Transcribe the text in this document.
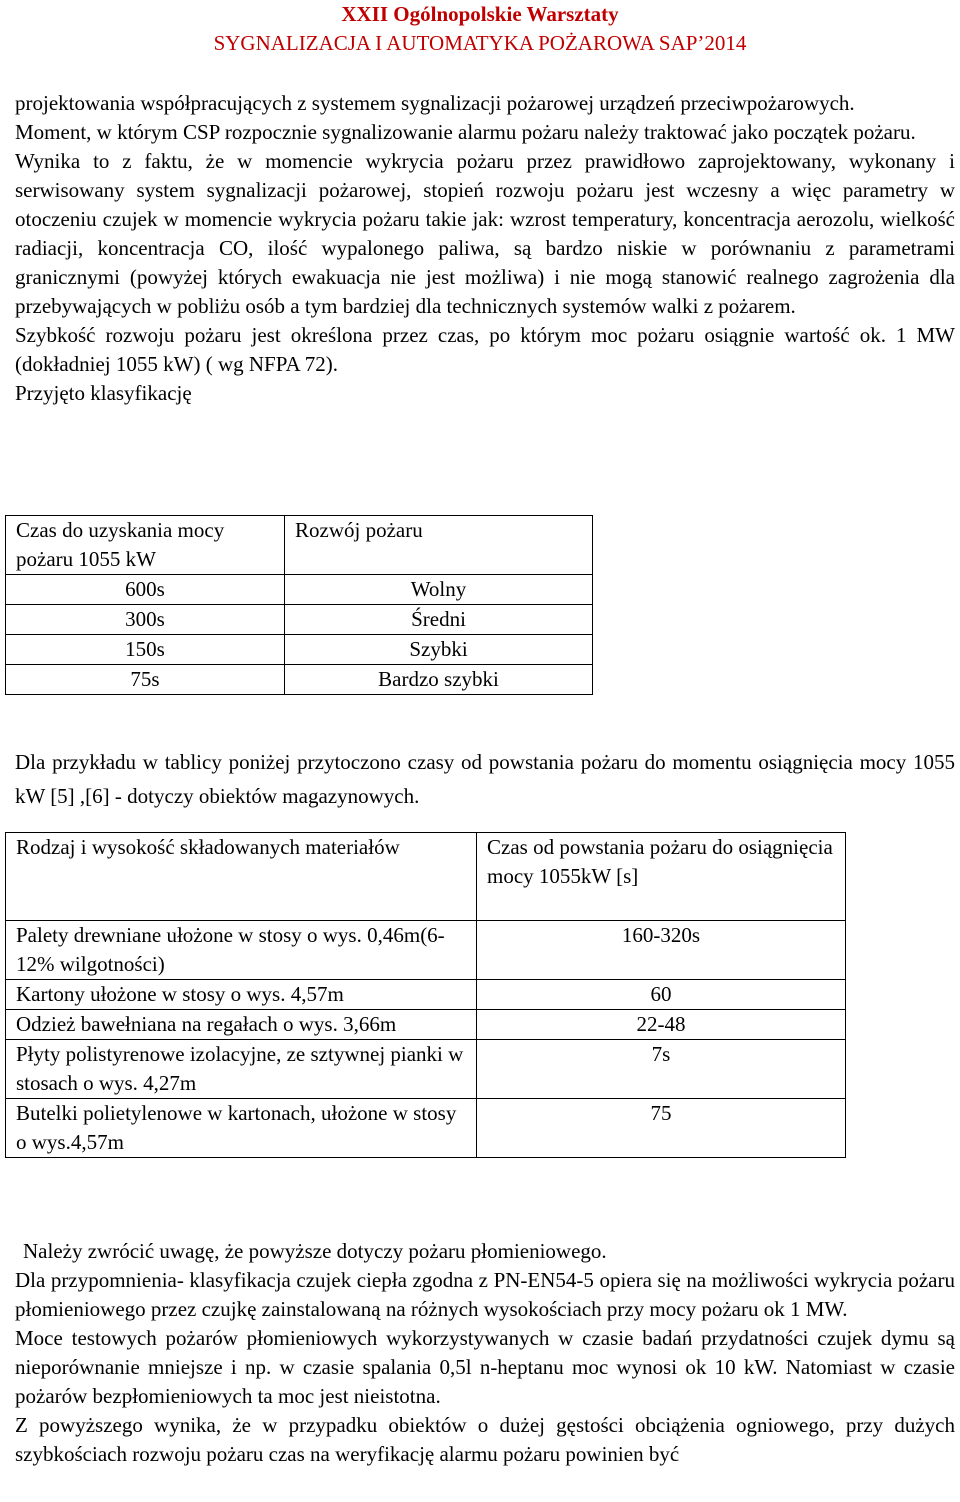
XXII Ogólnopolskie Warsztaty
SYGNALIZACJA I AUTOMATYKA POŻAROWA SAP’2014

projektowania współpracujących z systemem sygnalizacji pożarowej urządzeń przeciwpożarowych.

Moment, w którym CSP rozpocznie sygnalizowanie alarmu pożaru należy traktować jako początek pożaru.

Wynika to z faktu, że w momencie wykrycia pożaru przez prawidłowo zaprojektowany, wykonany i serwisowany system sygnalizacji pożarowej, stopień rozwoju pożaru jest wczesny a więc parametry w otoczeniu czujek w momencie wykrycia pożaru takie jak: wzrost temperatury, koncentracja aerozolu, wielkość radiacji, koncentracja CO, ilość wypalonego paliwa, są bardzo niskie w porównaniu z parametrami granicznymi (powyżej których ewakuacja nie jest możliwa) i nie mogą stanowić realnego zagrożenia dla przebywających w pobliżu osób a tym bardziej dla technicznych systemów walki z pożarem.

Szybkość rozwoju pożaru jest określona przez czas, po którym moc pożaru osiągnie wartość ok. 1 MW (dokładniej 1055 kW) ( wg NFPA 72).

Przyjęto klasyfikację

Czas do uzyskania mocy pożaru 1055 kW	Rozwój pożaru
600s	Wolny
300s	Średni
150s	Szybki
75s	Bardzo szybki

Dla przykładu w tablicy poniżej przytoczono czasy od powstania pożaru do momentu osiągnięcia mocy 1055 kW [5] ,[6] - dotyczy obiektów magazynowych.

Rodzaj i wysokość składowanych materiałów	Czas od powstania pożaru do osiągnięcia mocy 1055kW [s]
Palety drewniane ułożone w stosy o wys. 0,46m(6-12% wilgotności)	160-320s
Kartony ułożone w stosy o wys. 4,57m	60
Odzież bawełniana na regałach o wys. 3,66m	22-48
Płyty polistyrenowe izolacyjne, ze sztywnej pianki w stosach o wys. 4,27m	7s
Butelki polietylenowe w kartonach, ułożone w stosy o wys.4,57m	75

Należy zwrócić uwagę, że powyższe dotyczy pożaru płomieniowego.

Dla przypomnienia- klasyfikacja czujek ciepła zgodna z PN-EN54-5 opiera się na możliwości wykrycia pożaru płomieniowego przez czujkę zainstalowaną na różnych wysokościach przy mocy pożaru ok 1 MW.

Moce testowych pożarów płomieniowych wykorzystywanych w czasie badań przydatności czujek dymu są nieporównanie mniejsze i np. w czasie spalania 0,5l n-heptanu moc wynosi ok 10 kW. Natomiast w czasie pożarów bezpłomieniowych ta moc jest nieistotna.

Z powyższego wynika, że w przypadku obiektów o dużej gęstości obciążenia ogniowego, przy dużych szybkościach rozwoju pożaru czas na weryfikację alarmu pożaru powinien być
